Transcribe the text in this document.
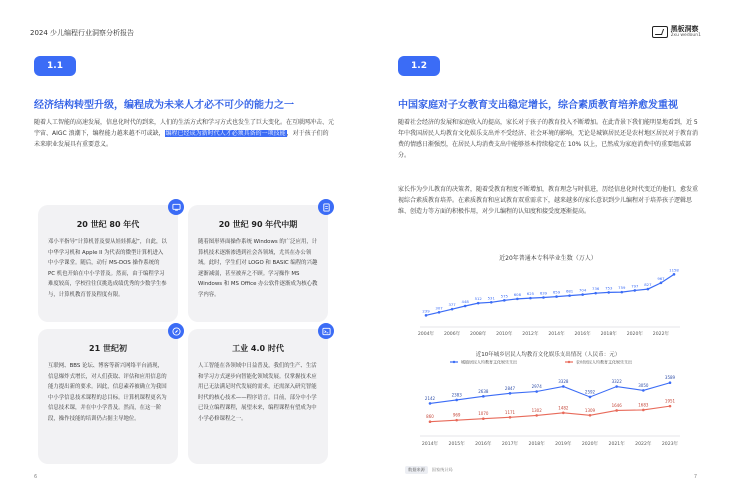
2024 少儿编程行业洞察分析报告	黑板洞察
2xu wedoun1
1.1
经济结构转型升级，编程成为未来人才必不可少的能力之一
随着人工智能的高速发展，信息化时代的到来，人们的生活方式和学习方式也发生了巨大变化。在互联网冲击、元宇宙、AIGC 浪潮下，编程能力越来越不可或缺，编程已经成为新时代人才必须具备的一项技能，对于孩子们的未来职业发展具有重要意义。
20 世纪 80 年代
邓小平指导“计算机普及要从娃娃抓起”，自此，以中华学习机和 Apple II 为代表的微型计算机进入中小学课堂。随后，动行 MS-DOS 操作系统的 PC 机也开始在中小学普及。然而，由于编程学习难度较高，学校往往仅挑选成绩优秀的少数学生参与，计算机教育普及程度有限。
20 世纪 90 年代中期
随着图形界面操作系统 Windows 的广泛应用，计算机技术逐渐渗透到社会各领域，尤其在办公领域。此时，学生们对 LOGO 和 BASIC 编程的兴趣逐渐减弱，甚至被弃之不顾。学习操作 MS Windows 和 MS Office 办公软件逐渐成为核心教学内容。
21 世纪初
互联网、BBS 论坛、博客等新兴网络平台涌现，信息爆炸式增长，对人们获取、评估和应用信息的能力提出新的要求。因此，信息素养被确立为我国中小学信息技术课程的总目标。计算机课程更名为信息技术课，并在中小学普及。然而，在这一阶段，操作技能的培训仍占据主导地位。
工业 4.0 时代
人工智能在各领域中日益普及，我们的生产、生活和学习方式逐步向智能化领域发展。仅掌握技术应用已无法满足时代发展的需求，还需深入研究智能时代的核心技术——程序语言。目前，部分中小学已设立编程课程，展望未来，编程课程有望成为中小学必修课程之一。
6
1.2
中国家庭对子女教育支出稳定增长，综合素质教育培养愈发重视
随着社会经济的发展和家庭收入的提高，家长对于孩子的教育投入不断增加。在此背景下我们能明显地看到，近 5 年中我国居民人均教育文化娱乐支出并不受经济、社会环境的影响，无论是城镇居民还是农村地区居民对于教育消费的情感日渐强烈，在居民人均消费支出中能够基本持续稳定在 10% 以上，已然成为家庭消费中的重要组成部分。
家长作为少儿教育的决策者，随着受教育程度不断增加，教育理念与时俱进，历经信息化时代变迁的他们，愈发重视综合素质教育培养。在素质教育和应试教育双重需求下，越来越多的家长意识到少儿编程对于培养孩子逻辑思维、创造力等方面的积极作用，对少儿编程的认知度和接受度逐渐提高。
近20年普通本专科毕业生数（万人）
239
307
377
448
512 531 575 608 625 639 659 681 704 736 753 759 797 827
967
1158
2004年 2006年 2008年 2010年 2012年 2014年 2016年 2018年 2020年 2022年
近10年城乡居民人均教育文化娱乐支出情况（人民币：元）
城镇居民人均教育文化娱乐支出	农村居民人均教育文化娱乐支出
2142
2383
2638
2847	2974
3328
2592
3322
3050
3589
860	969	1070	1171	1302
1482	1309
1646	1683
1951
2014年 2015年 2016年 2017年 2018年 2019年 2020年 2021年 2022年 2023年
数据来源	国家统计局
7
